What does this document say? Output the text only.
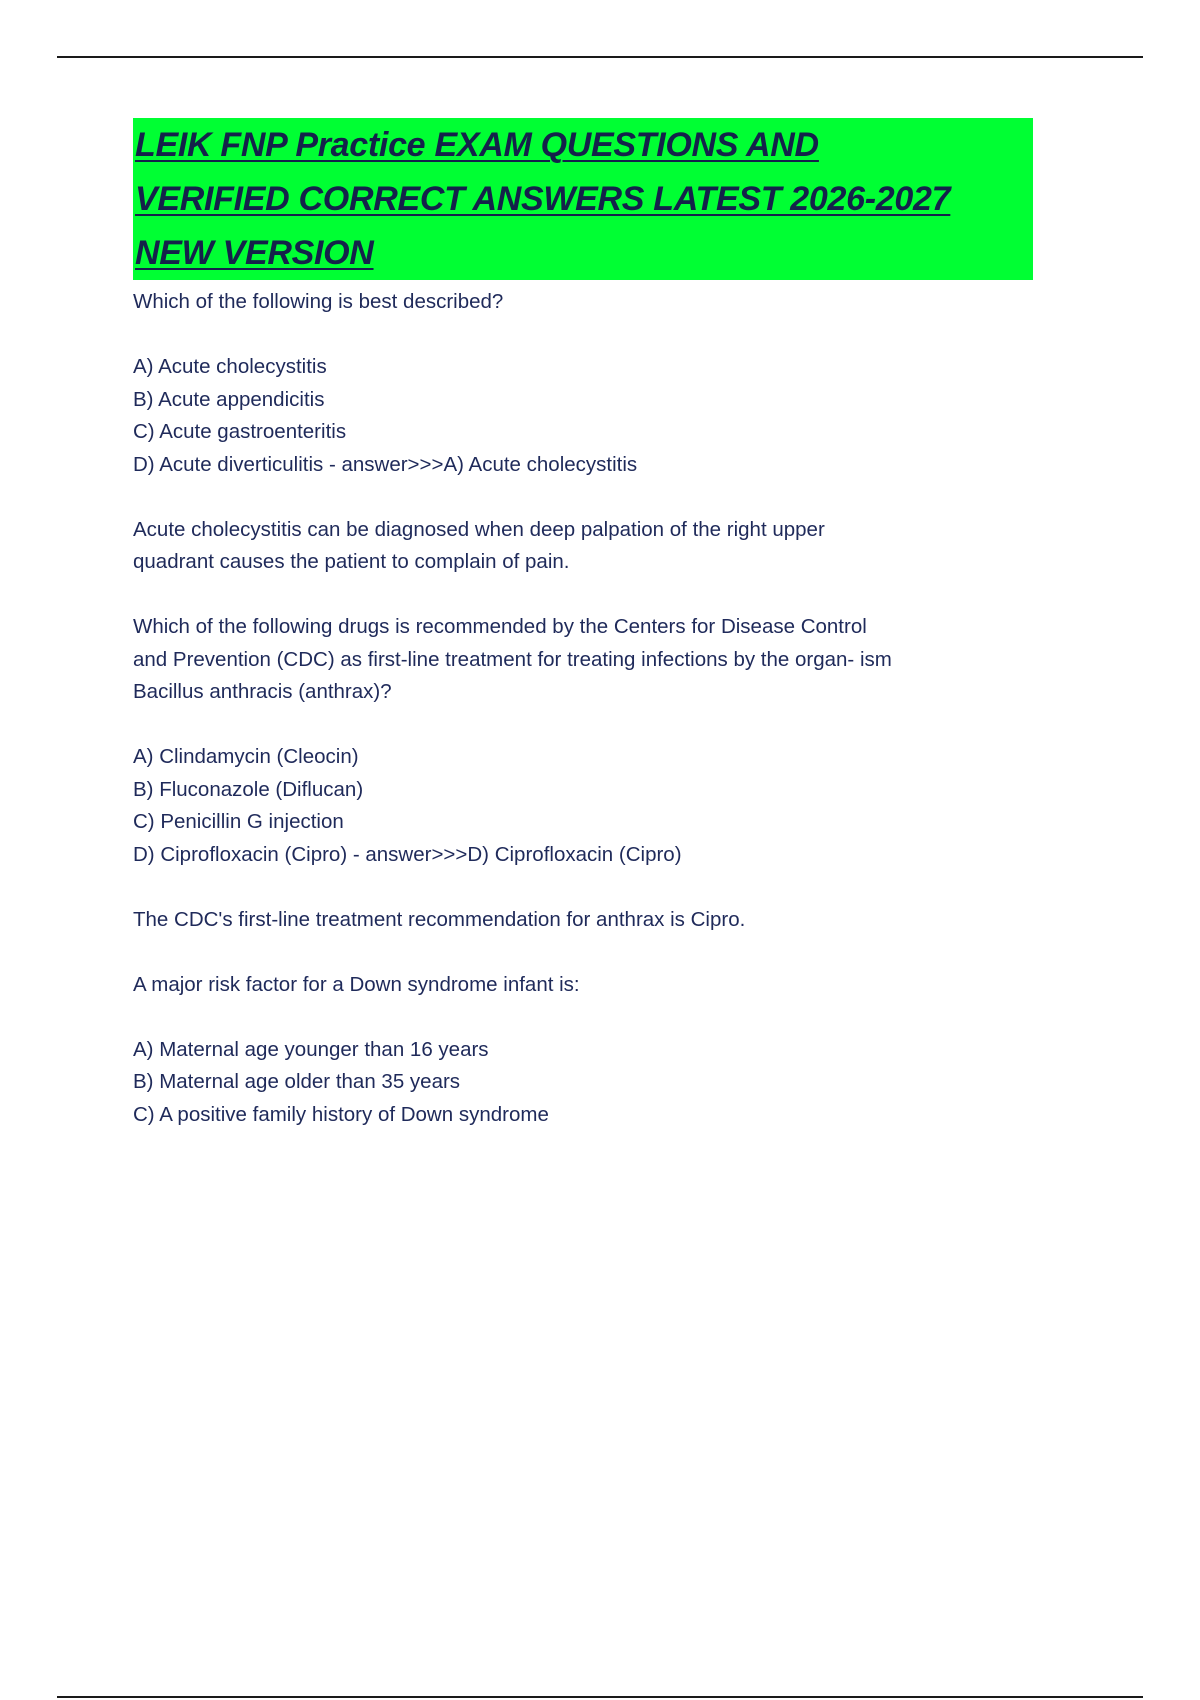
LEIK FNP Practice EXAM QUESTIONS AND
VERIFIED CORRECT ANSWERS LATEST 2026-2027
NEW VERSION
Which of the following is best described?
A) Acute cholecystitis
B) Acute appendicitis
C) Acute gastroenteritis
D) Acute diverticulitis - answer>>>A) Acute cholecystitis
Acute cholecystitis can be diagnosed when deep palpation of the right upper
quadrant causes the patient to complain of pain.
Which of the following drugs is recommended by the Centers for Disease Control
and Prevention (CDC) as first-line treatment for treating infections by the organ- ism
Bacillus anthracis (anthrax)?
A) Clindamycin (Cleocin)
B) Fluconazole (Diflucan)
C) Penicillin G injection
D) Ciprofloxacin (Cipro) - answer>>>D) Ciprofloxacin (Cipro)
The CDC's first-line treatment recommendation for anthrax is Cipro.
A major risk factor for a Down syndrome infant is:
A) Maternal age younger than 16 years
B) Maternal age older than 35 years
C) A positive family history of Down syndrome
